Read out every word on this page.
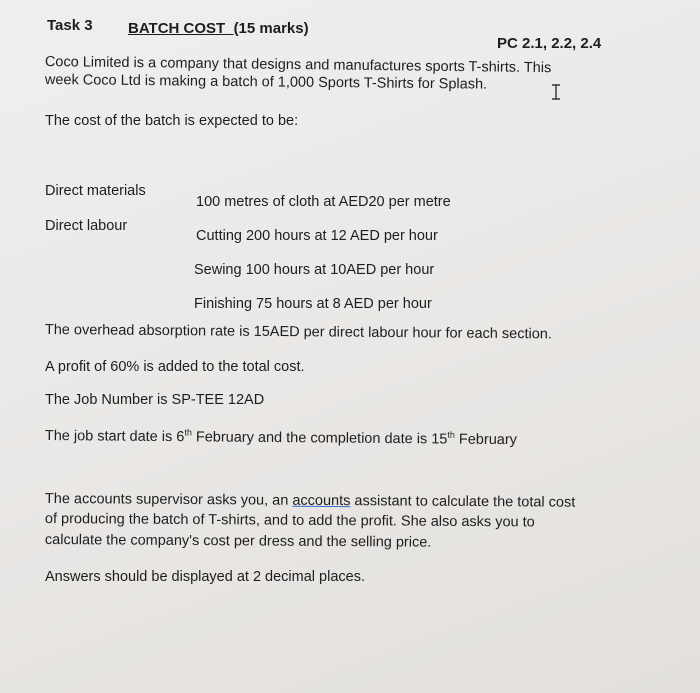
Task 3 BATCH COST_(15 marks)
PC 2.1, 2.2, 2.4
Coco Limited is a company that designs and manufactures sports T-shirts. This
week Coco Ltd is making a batch of 1,000 Sports T-Shirts for Splash.
The cost of the batch is expected to be:
Direct materials
100 metres of cloth at AED20 per metre
Direct labour
Cutting 200 hours at 12 AED per hour
Sewing 100 hours at 10AED per hour
Finishing 75 hours at 8 AED per hour
The overhead absorption rate is 15AED per direct labour hour for each section.
A profit of 60% is added to the total cost.
The Job Number is SP-TEE 12AD
The job start date is 6th February and the completion date is 15th February
The accounts supervisor asks you, an accounts assistant to calculate the total cost
of producing the batch of T-shirts, and to add the profit. She also asks you to
calculate the company's cost per dress and the selling price.
Answers should be displayed at 2 decimal places.
